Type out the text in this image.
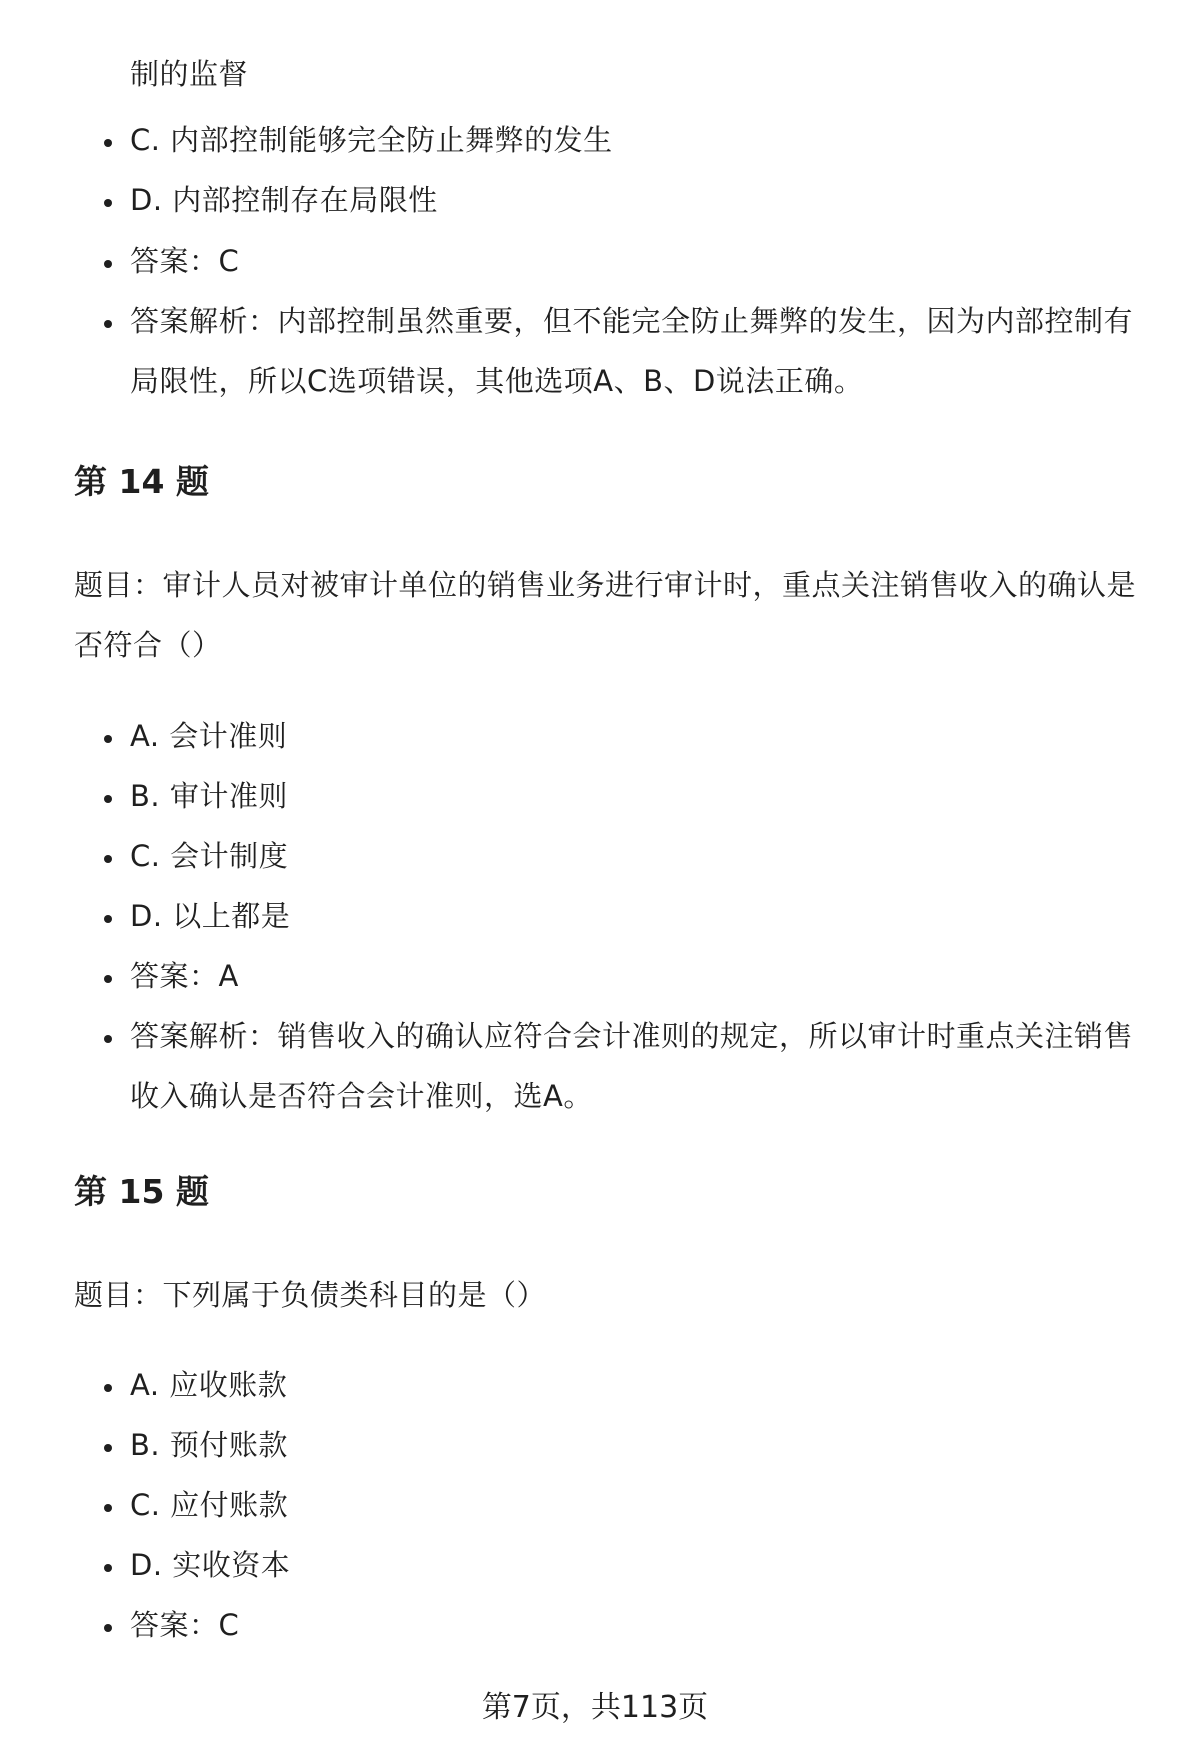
制的监督
C. 内部控制能够完全防止舞弊的发生
D. 内部控制存在局限性
答案：C
答案解析：内部控制虽然重要，但不能完全防止舞弊的发生，因为内部控制有
局限性，所以C选项错误，其他选项A、B、D说法正确。
第 14 题
题目：审计人员对被审计单位的销售业务进行审计时，重点关注销售收入的确认是
否符合（）
A. 会计准则
B. 审计准则
C. 会计制度
D. 以上都是
答案：A
答案解析：销售收入的确认应符合会计准则的规定，所以审计时重点关注销售
收入确认是否符合会计准则，选A。
第 15 题
题目：下列属于负债类科目的是（）
A. 应收账款
B. 预付账款
C. 应付账款
D. 实收资本
答案：C
第7页，共113页
